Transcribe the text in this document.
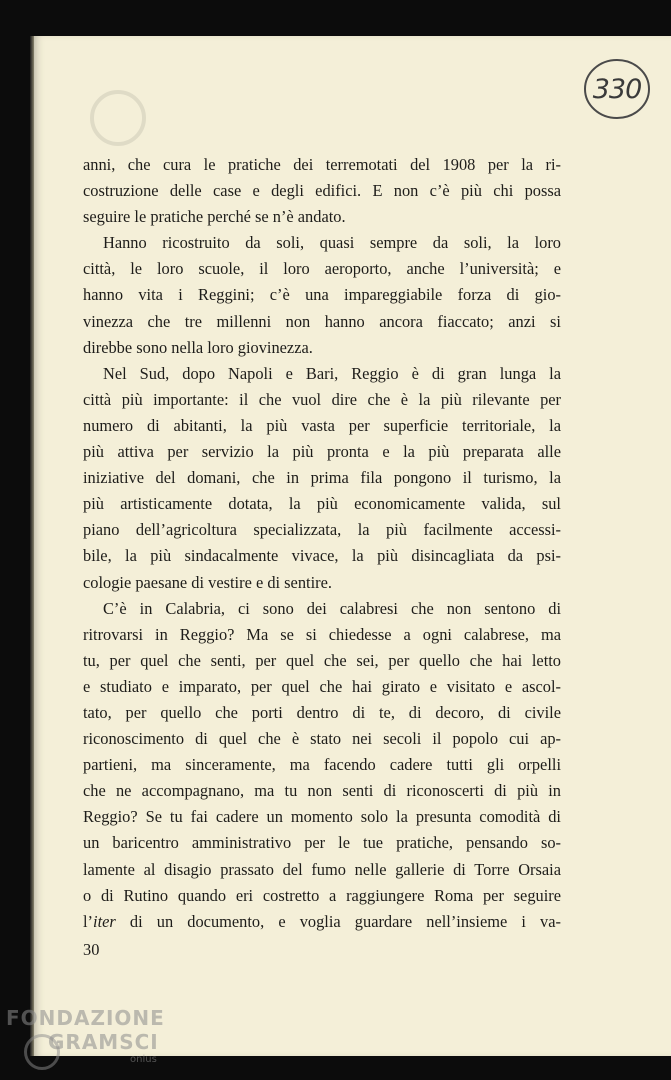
330
anni, che cura le pratiche dei terremotati del 1908 per la ri-
costruzione delle case e degli edifici. E non c’è più chi possa
seguire le pratiche perché se n’è andato.
Hanno ricostruito da soli, quasi sempre da soli, la loro
città, le loro scuole, il loro aeroporto, anche l’università; e
hanno vita i Reggini; c’è una impareggiabile forza di gio-
vinezza che tre millenni non hanno ancora fiaccato; anzi si
direbbe sono nella loro giovinezza.
Nel Sud, dopo Napoli e Bari, Reggio è di gran lunga la
città più importante: il che vuol dire che è la più rilevante per
numero di abitanti, la più vasta per superficie territoriale, la
più attiva per servizio la più pronta e la più preparata alle
iniziative del domani, che in prima fila pongono il turismo, la
più artisticamente dotata, la più economicamente valida, sul
piano dell’agricoltura specializzata, la più facilmente accessi-
bile, la più sindacalmente vivace, la più disincagliata da psi-
cologie paesane di vestire e di sentire.
C’è in Calabria, ci sono dei calabresi che non sentono di
ritrovarsi in Reggio? Ma se si chiedesse a ogni calabrese, ma
tu, per quel che senti, per quel che sei, per quello che hai letto
e studiato e imparato, per quel che hai girato e visitato e ascol-
tato, per quello che porti dentro di te, di decoro, di civile
riconoscimento di quel che è stato nei secoli il popolo cui ap-
partieni, ma sinceramente, ma facendo cadere tutti gli orpelli
che ne accompagnano, ma tu non senti di riconoscerti di più in
Reggio? Se tu fai cadere un momento solo la presunta comodità di
un baricentro amministrativo per le tue pratiche, pensando so-
lamente al disagio prassato del fumo nelle gallerie di Torre Orsaia
o di Rutino quando eri costretto a raggiungere Roma per seguire
l’iter di un documento, e voglia guardare nell’insieme i va-
30
FONDAZIONE
GRAMSCI
onlus
